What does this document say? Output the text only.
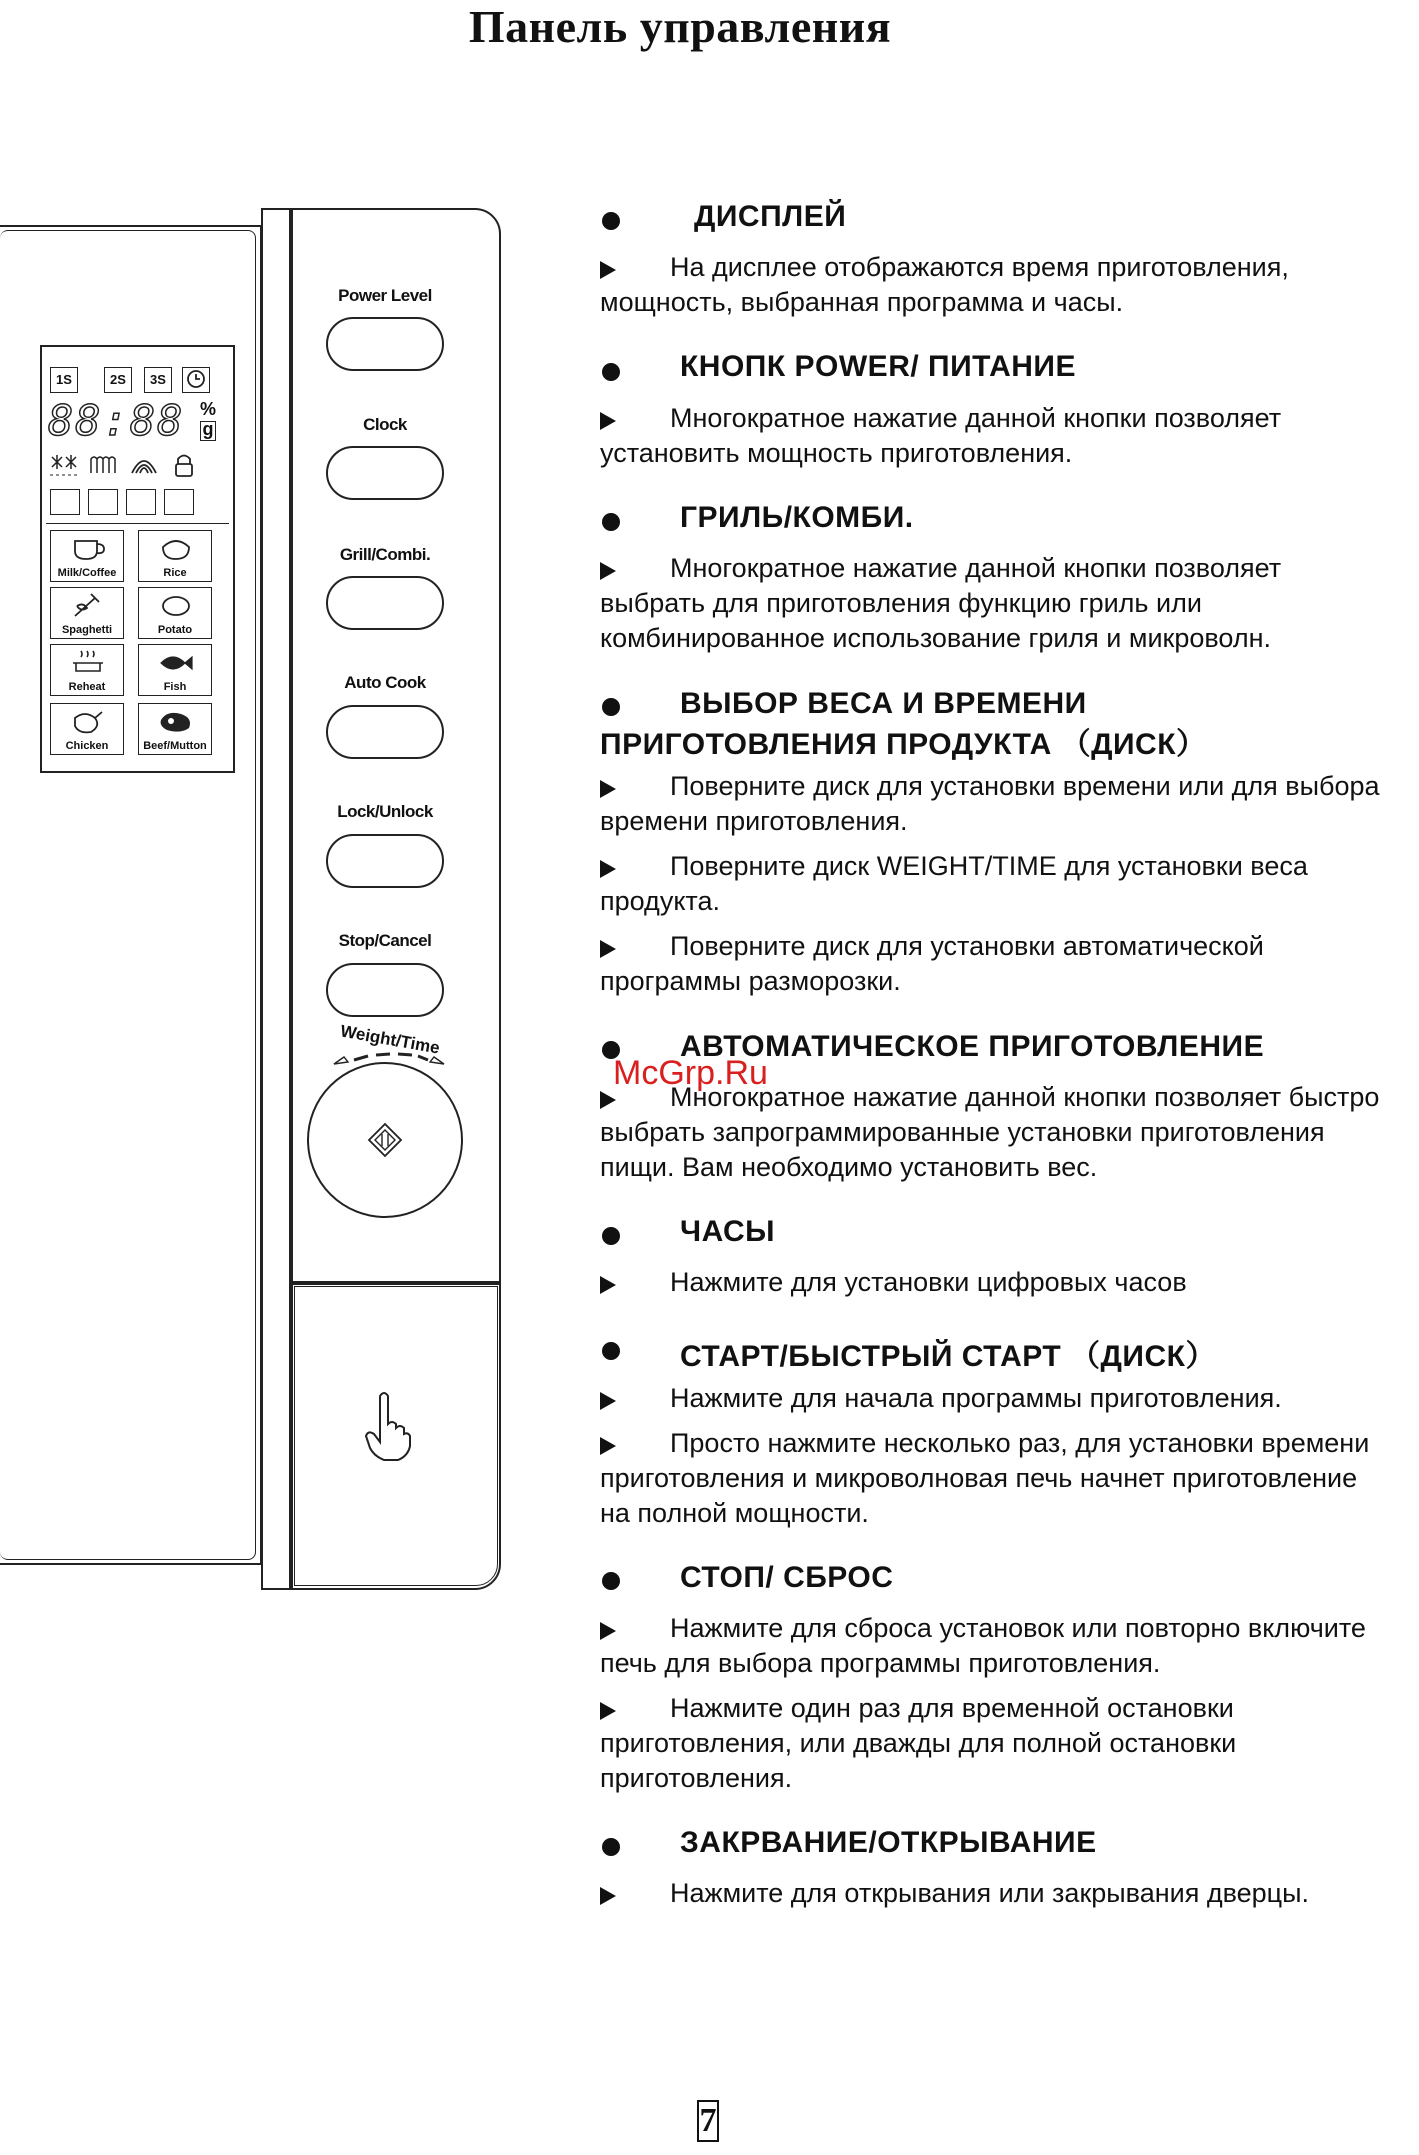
Панель управления
1S	2S	3S
88:88 %
g
Milk/Coffee	Rice
Spaghetti	Potato
Reheat	Fish
Chicken	Beef/Mutton
Power Level
Clock
Grill/Combi.
Auto Cook
Lock/Unlock
Stop/Cancel
Weight/Time
ДИСПЛЕЙ
На дисплее отображаются время приготовления, мощность, выбранная программа и часы.
КНОПК POWER/ ПИТАНИЕ
Многократное нажатие данной кнопки позволяет установить мощность приготовления.
ГРИЛЬ/КОМБИ.
Многократное нажатие данной кнопки позволяет выбрать для приготовления функцию гриль или комбинированное использование гриля и микроволн.
ВЫБОР ВЕСА И ВРЕМЕНИ
ПРИГОТОВЛЕНИЯ ПРОДУКТА （ДИСК）
Поверните диск для установки времени или для выбора времени приготовления.
Поверните диск WEIGHT/TIME для установки веса продукта.
Поверните диск для установки автоматической программы разморозки.
АВТОМАТИЧЕСКОЕ ПРИГОТОВЛЕНИЕ
Многократное нажатие данной кнопки позволяет быстро выбрать запрограммированные установки приготовления пищи. Вам необходимо установить вес.
McGrp.Ru
ЧАСЫ
Нажмите для установки цифровых часов
СТАРТ/БЫСТРЫЙ СТАРТ （ДИСК）
Нажмите для начала программы приготовления.
Просто нажмите несколько раз, для установки времени приготовления и микроволновая печь начнет приготовление на полной мощности.
СТОП/ СБРОС
Нажмите для сброса установок или повторно включите печь для выбора программы приготовления.
Нажмите один раз для временной остановки приготовления, или дважды для полной остановки приготовления.
ЗАКРВАНИЕ/ОТКРЫВАНИЕ
Нажмите для открывания или закрывания дверцы.
7
